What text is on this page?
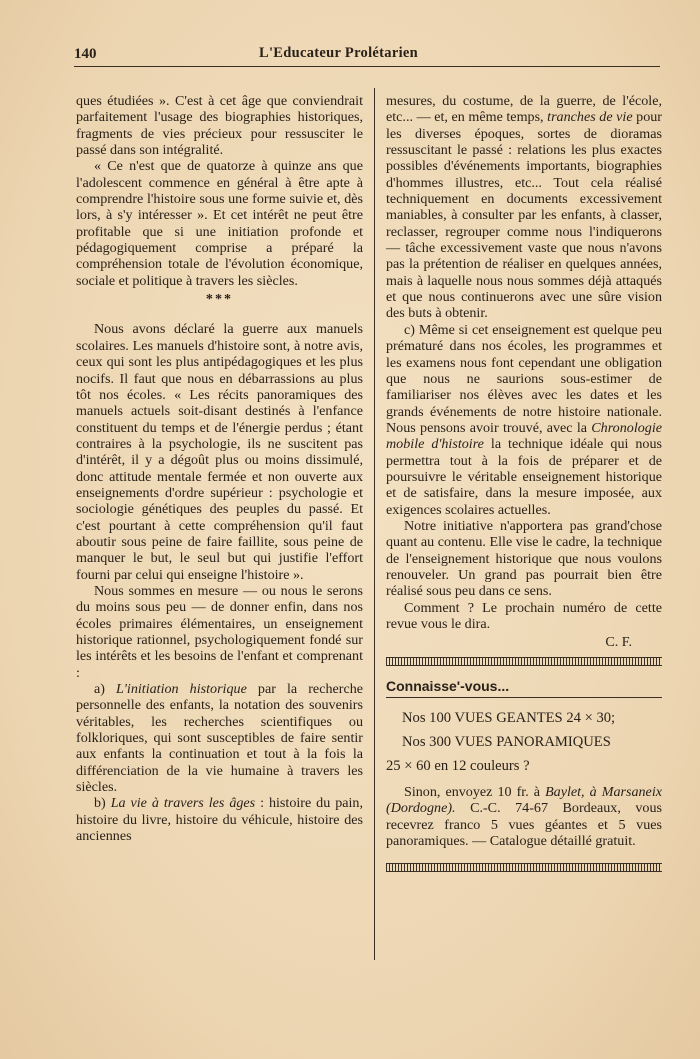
140	L'Educateur Prolétarien

ques étudiées ». C'est à cet âge que conviendrait parfaitement l'usage des biographies historiques, fragments de vies précieux pour ressusciter le passé dans son intégralité.

« Ce n'est que de quatorze à quinze ans que l'adolescent commence en général à être apte à comprendre l'histoire sous une forme suivie et, dès lors, à s'y intéresser ». Et cet intérêt ne peut être profitable que si une initiation profonde et pédagogiquement comprise a préparé la compréhension totale de l'évolution économique, sociale et politique à travers les siècles.

***

Nous avons déclaré la guerre aux manuels scolaires. Les manuels d'histoire sont, à notre avis, ceux qui sont les plus antipédagogiques et les plus nocifs. Il faut que nous en débarrassions au plus tôt nos écoles. « Les récits panoramiques des manuels actuels soit-disant destinés à l'enfance constituent du temps et de l'énergie perdus ; étant contraires à la psychologie, ils ne suscitent pas d'intérêt, il y a dégoût plus ou moins dissimulé, donc attitude mentale fermée et non ouverte aux enseignements d'ordre supérieur : psychologie et sociologie génétiques des peuples du passé. Et c'est pourtant à cette compréhension qu'il faut aboutir sous peine de faire faillite, sous peine de manquer le but, le seul but qui justifie l'effort fourni par celui qui enseigne l'histoire ».

Nous sommes en mesure — ou nous le serons du moins sous peu — de donner enfin, dans nos écoles primaires élémentaires, un enseignement historique rationnel, psychologiquement fondé sur les intérêts et les besoins de l'enfant et comprenant :

a) L'initiation historique par la recherche personnelle des enfants, la notation des souvenirs véritables, les recherches scientifiques ou folkloriques, qui sont susceptibles de faire sentir aux enfants la continuation et tout à la fois la différenciation de la vie humaine à travers les siècles.

b) La vie à travers les âges : histoire du pain, histoire du livre, histoire du véhicule, histoire des anciennes

mesures, du costume, de la guerre, de l'école, etc... — et, en même temps, tranches de vie pour les diverses époques, sortes de dioramas ressuscitant le passé : relations les plus exactes possibles d'événements importants, biographies d'hommes illustres, etc... Tout cela réalisé techniquement en documents excessivement maniables, à consulter par les enfants, à classer, reclasser, regrouper comme nous l'indiquerons — tâche excessivement vaste que nous n'avons pas la prétention de réaliser en quelques années, mais à laquelle nous nous sommes déjà attaqués et que nous continuerons avec une sûre vision des buts à obtenir.

c) Même si cet enseignement est quelque peu prématuré dans nos écoles, les programmes et les examens nous font cependant une obligation que nous ne saurions sous-estimer de familiariser nos élèves avec les dates et les grands événements de notre histoire nationale. Nous pensons avoir trouvé, avec la Chronologie mobile d'histoire la technique idéale qui nous permettra tout à la fois de préparer et de poursuivre le véritable enseignement historique et de satisfaire, dans la mesure imposée, aux exigences scolaires actuelles.

Notre initiative n'apportera pas grand'chose quant au contenu. Elle vise le cadre, la technique de l'enseignement historique que nous voulons renouveler. Un grand pas pourrait bien être réalisé sous peu dans ce sens.

Comment ? Le prochain numéro de cette revue vous le dira.

C. F.

Connaisse'-vous...

Nos 100 VUES GEANTES 24 × 30;

Nos 300 VUES PANORAMIQUES

25 × 60 en 12 couleurs ?

Sinon, envoyez 10 fr. à Baylet, à Marsaneix (Dordogne). C.-C. 74-67 Bordeaux, vous recevrez franco 5 vues géantes et 5 vues panoramiques. — Catalogue détaillé gratuit.
